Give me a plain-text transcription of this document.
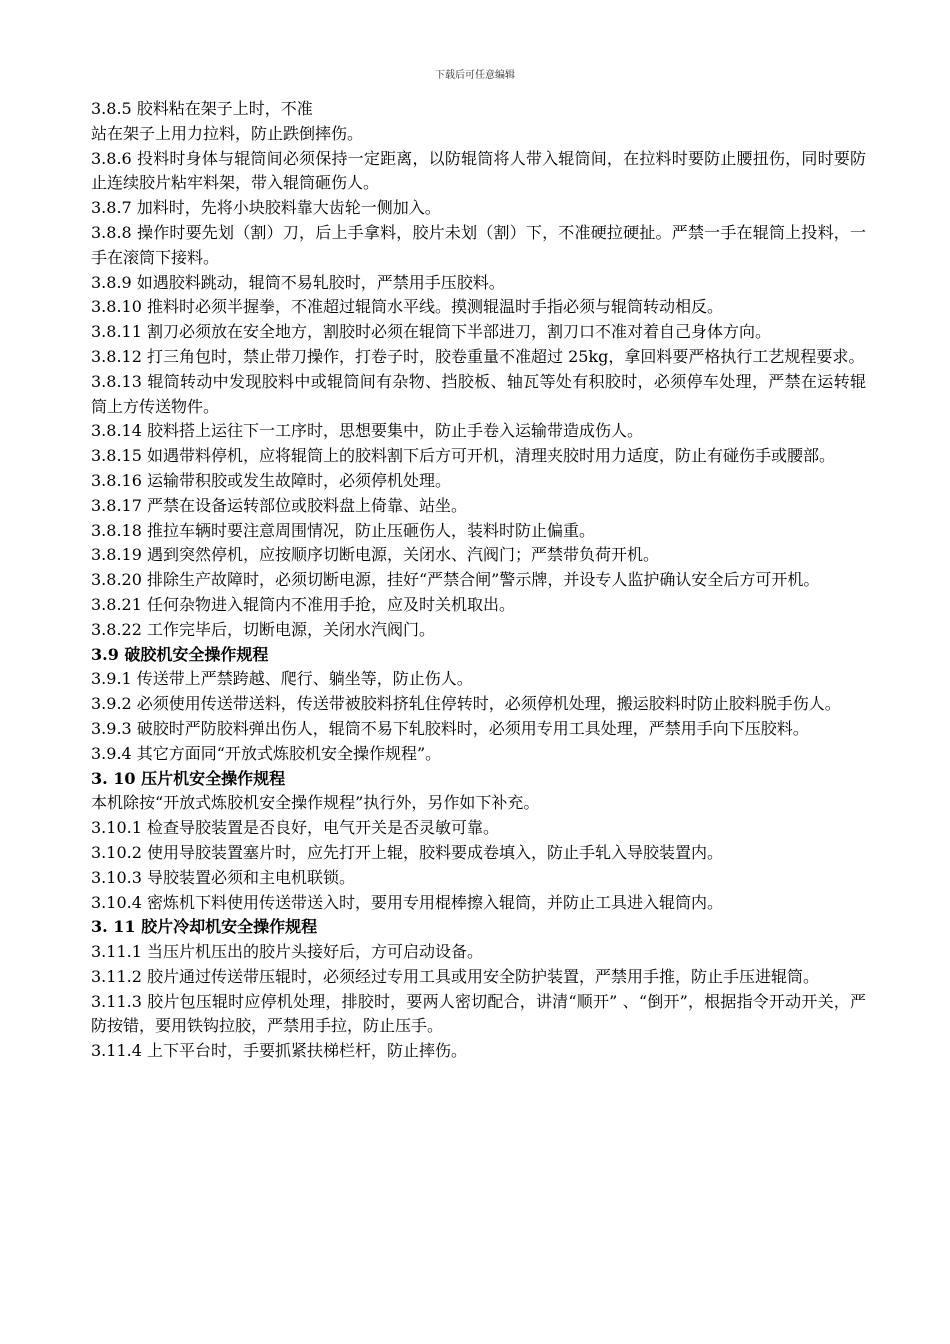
下载后可任意编辑

3.8.5 胶料粘在架子上时，不准

站在架子上用力拉料，防止跌倒摔伤。

3.8.6 投料时身体与辊筒间必须保持一定距离，以防辊筒将人带入辊筒间，在拉料时要防止腰扭伤，同时要防止连续胶片粘牢料架，带入辊筒砸伤人。

3.8.7 加料时，先将小块胶料靠大齿轮一侧加入。

3.8.8 操作时要先划（割）刀，后上手拿料，胶片未划（割）下，不准硬拉硬扯。严禁一手在辊筒上投料，一手在滚筒下接料。

3.8.9 如遇胶料跳动，辊筒不易轧胶时，严禁用手压胶料。

3.8.10 推料时必须半握拳，不准超过辊筒水平线。摸测辊温时手指必须与辊筒转动相反。

3.8.11 割刀必须放在安全地方，割胶时必须在辊筒下半部进刀，割刀口不准对着自己身体方向。

3.8.12 打三角包时，禁止带刀操作，打卷子时，胶卷重量不准超过 25kg，拿回料要严格执行工艺规程要求。

3.8.13 辊筒转动中发现胶料中或辊筒间有杂物、挡胶板、轴瓦等处有积胶时，必须停车处理，严禁在运转辊筒上方传送物件。

3.8.14 胶料搭上运往下一工序时，思想要集中，防止手卷入运输带造成伤人。

3.8.15 如遇带料停机，应将辊筒上的胶料割下后方可开机，清理夹胶时用力适度，防止有碰伤手或腰部。

3.8.16 运输带积胶或发生故障时，必须停机处理。

3.8.17 严禁在设备运转部位或胶料盘上倚靠、站坐。

3.8.18 推拉车辆时要注意周围情况，防止压砸伤人，装料时防止偏重。

3.8.19 遇到突然停机，应按顺序切断电源，关闭水、汽阀门；严禁带负荷开机。

3.8.20 排除生产故障时，必须切断电源，挂好“严禁合闸”警示牌，并设专人监护确认安全后方可开机。

3.8.21 任何杂物进入辊筒内不准用手抢，应及时关机取出。

3.8.22 工作完毕后，切断电源，关闭水汽阀门。

3.9 破胶机安全操作规程

3.9.1 传送带上严禁跨越、爬行、躺坐等，防止伤人。

3.9.2 必须使用传送带送料，传送带被胶料挤轧住停转时，必须停机处理，搬运胶料时防止胶料脱手伤人。

3.9.3 破胶时严防胶料弹出伤人，辊筒不易下轧胶料时，必须用专用工具处理，严禁用手向下压胶料。

3.9.4 其它方面同“开放式炼胶机安全操作规程”。

3. 10 压片机安全操作规程

本机除按“开放式炼胶机安全操作规程”执行外，另作如下补充。

3.10.1 检查导胶装置是否良好，电气开关是否灵敏可靠。

3.10.2 使用导胶装置塞片时，应先打开上辊，胶料要成卷填入，防止手轧入导胶装置内。

3.10.3 导胶装置必须和主电机联锁。

3.10.4 密炼机下料使用传送带送入时，要用专用棍棒擦入辊筒，并防止工具进入辊筒内。

3. 11 胶片冷却机安全操作规程

3.11.1 当压片机压出的胶片头接好后，方可启动设备。

3.11.2 胶片通过传送带压辊时，必须经过专用工具或用安全防护装置，严禁用手推，防止手压进辊筒。

3.11.3 胶片包压辊时应停机处理，排胶时，要两人密切配合，讲清“顺开” 、“倒开”，根据指令开动开关，严防按错，要用铁钩拉胶，严禁用手拉，防止压手。

3.11.4 上下平台时，手要抓紧扶梯栏杆，防止摔伤。
